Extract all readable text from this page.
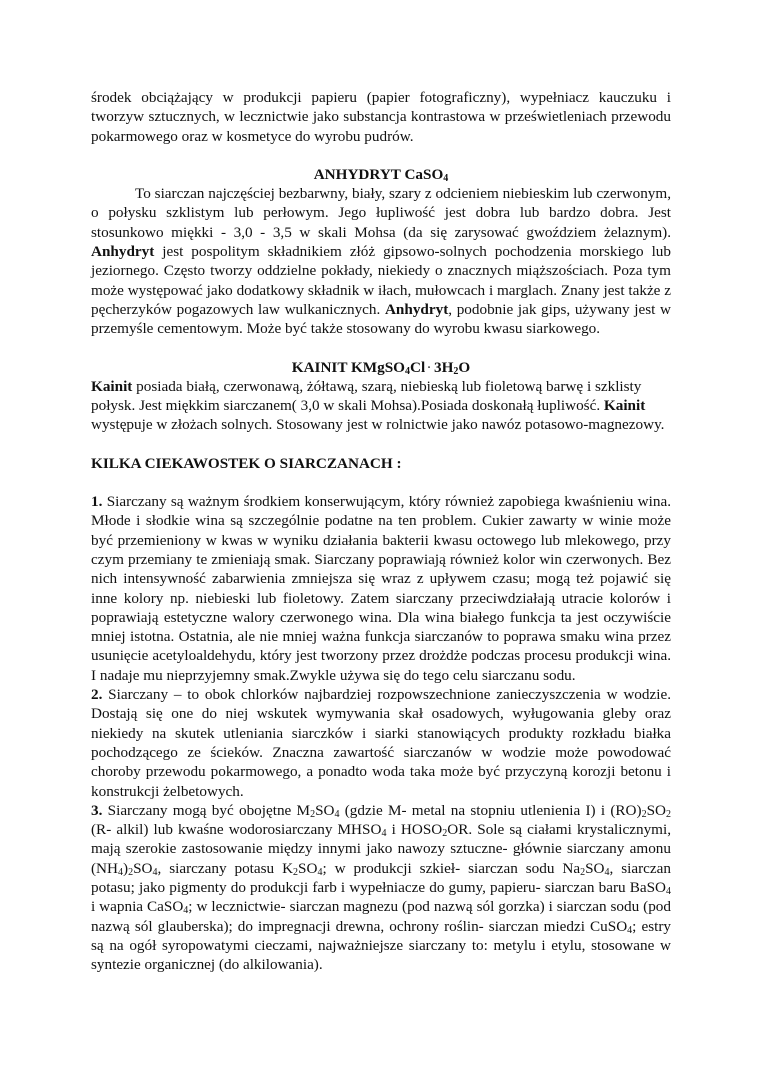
środek obciążający w produkcji papieru (papier fotograficzny), wypełniacz kauczuku i tworzyw sztucznych, w lecznictwie jako substancja kontrastowa w prześwietleniach przewodu pokarmowego oraz w kosmetyce do wyrobu pudrów.

ANHYDRYT CaSO$_4$

To siarczan najczęściej bezbarwny, biały, szary z odcieniem niebieskim lub czerwonym, o połysku szklistym lub perłowym. Jego łupliwość jest dobra lub bardzo dobra. Jest stosunkowo miękki - 3,0 - 3,5 w skali Mohsa (da się zarysować gwoździem żelaznym). Anhydryt jest pospolitym składnikiem złóż gipsowo-solnych pochodzenia morskiego lub jeziornego. Często tworzy oddzielne pokłady, niekiedy o znacznych miąższościach. Poza tym może występować jako dodatkowy składnik w iłach, mułowcach i marglach. Znany jest także z pęcherzyków pogazowych law wulkanicznych. Anhydryt, podobnie jak gips, używany jest w przemyśle cementowym. Może być także stosowany do wyrobu kwasu siarkowego.

KAINIT KMgSO$_4$Cl . $3H_2O$

Kainit posiada białą, czerwonawą, żółtawą, szarą, niebieską lub fioletową barwę i szklisty połysk. Jest miękkim siarczanem( 3,0 w skali Mohsa).Posiada doskonałą łupliwość. Kainit występuje w złożach solnych. Stosowany jest w rolnictwie jako nawóz potasowo-magnezowy.

KILKA CIEKAWOSTEK O SIARCZANACH :

1. Siarczany są ważnym środkiem konserwującym, który również zapobiega kwaśnieniu wina. Młode i słodkie wina są szczególnie podatne na ten problem. Cukier zawarty w winie może być przemieniony w kwas w wyniku działania bakterii kwasu octowego lub mlekowego, przy czym przemiany te zmieniają smak. Siarczany poprawiają również kolor win czerwonych. Bez nich intensywność zabarwienia zmniejsza się wraz z upływem czasu; mogą też pojawić się inne kolory np. niebieski lub fioletowy. Zatem siarczany przeciwdziałają utracie kolorów i poprawiają estetyczne walory czerwonego wina. Dla wina białego funkcja ta jest oczywiście mniej istotna. Ostatnia, ale nie mniej ważna funkcja siarczanów to poprawa smaku wina przez usunięcie acetyloaldehydu, który jest tworzony przez drożdże podczas procesu produkcji wina. I nadaje mu nieprzyjemny smak.Zwykle używa się do tego celu siarczanu sodu.

2. Siarczany – to obok chlorków najbardziej rozpowszechnione zanieczyszczenia w wodzie. Dostają się one do niej wskutek wymywania skał osadowych, wyługowania gleby oraz niekiedy na skutek utleniania siarczków i siarki stanowiących produkty rozkładu białka pochodzącego ze ścieków. Znaczna zawartość siarczanów w wodzie może powodować choroby przewodu pokarmowego, a ponadto woda taka może być przyczyną korozji betonu i konstrukcji żelbetowych.

3. Siarczany mogą być obojętne $M_2SO_4$ (gdzie M- metal na stopniu utlenienia I) i $(RO)_2SO_2$ (R- alkil) lub kwaśne wodorosiarczany $MHSO_4$ i $HOSO_2OR$. Sole są ciałami krystalicznymi, mają szerokie zastosowanie między innymi jako nawozy sztuczne- głównie siarczany amonu $(NH_4)_2SO_4$, siarczany potasu $K_2SO_4$; w produkcji szkieł- siarczan sodu $Na_2SO_4$, siarczan potasu; jako pigmenty do produkcji farb i wypełniacze do gumy, papieru- siarczan baru BaSO$_4$ i wapnia CaSO$_4$; w lecznictwie- siarczan magnezu (pod nazwą sól gorzka) i siarczan sodu (pod nazwą sól glauberska); do impregnacji drewna, ochrony roślin- siarczan miedzi CuSO$_4$; estry są na ogół syropowatymi cieczami, najważniejsze siarczany to: metylu i etylu, stosowane w syntezie organicznej (do alkilowania).
